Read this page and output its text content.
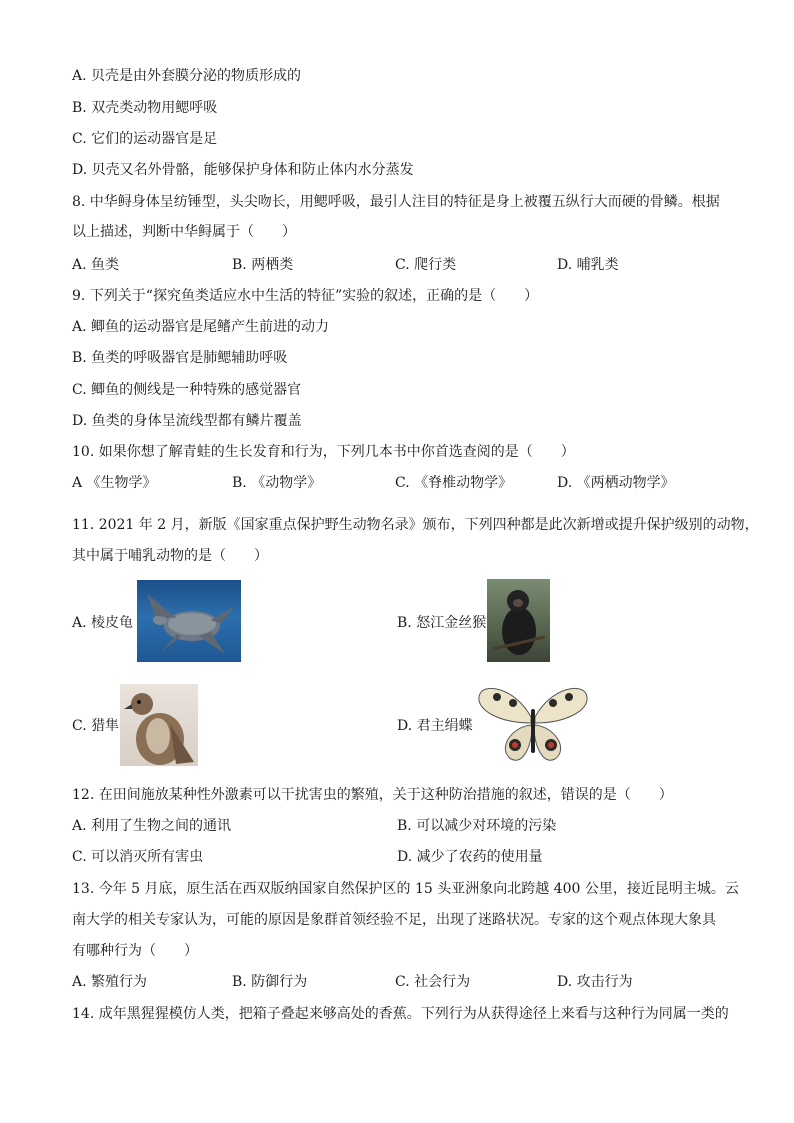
A. 贝壳是由外套膜分泌的物质形成的
B. 双壳类动物用鳃呼吸
C. 它们的运动器官是足
D. 贝壳又名外骨骼，能够保护身体和防止体内水分蒸发
8. 中华鲟身体呈纺锤型，头尖吻长，用鳃呼吸，最引人注目的特征是身上被覆五纵行大而硬的骨鳞。根据
以上描述，判断中华鲟属于（　　）
A. 鱼类	B. 两栖类	C. 爬行类	D. 哺乳类
9. 下列关于“探究鱼类适应水中生活的特征”实验的叙述，正确的是（　　）
A. 鲫鱼的运动器官是尾鳍产生前进的动力
B. 鱼类的呼吸器官是肺鳃辅助呼吸
C. 鲫鱼的侧线是一种特殊的感觉器官
D. 鱼类的身体呈流线型都有鳞片覆盖
10. 如果你想了解青蛙的生长发育和行为，下列几本书中你首选查阅的是（　　）
A 《生物学》	B. 《动物学》	C. 《脊椎动物学》	D. 《两栖动物学》
11. 2021 年 2 月，新版《国家重点保护野生动物名录》颁布，下列四种都是此次新增或提升保护级别的动物，
其中属于哺乳动物的是（　　）
A. 棱皮龟	B. 怒江金丝猴
C. 猎隼	D. 君主绢蝶
12. 在田间施放某种性外激素可以干扰害虫的繁殖，关于这种防治措施的叙述，错误的是（　　）
A. 利用了生物之间的通讯	B. 可以减少对环境的污染
C. 可以消灭所有害虫	D. 减少了农药的使用量
13. 今年 5 月底，原生活在西双版纳国家自然保护区的 15 头亚洲象向北跨越 400 公里，接近昆明主城。云
南大学的相关专家认为，可能的原因是象群首领经验不足，出现了迷路状况。专家的这个观点体现大象具
有哪种行为（　　）
A. 繁殖行为	B. 防御行为	C. 社会行为	D. 攻击行为
14. 成年黑猩猩模仿人类，把箱子叠起来够高处的香蕉。下列行为从获得途径上来看与这种行为同属一类的
